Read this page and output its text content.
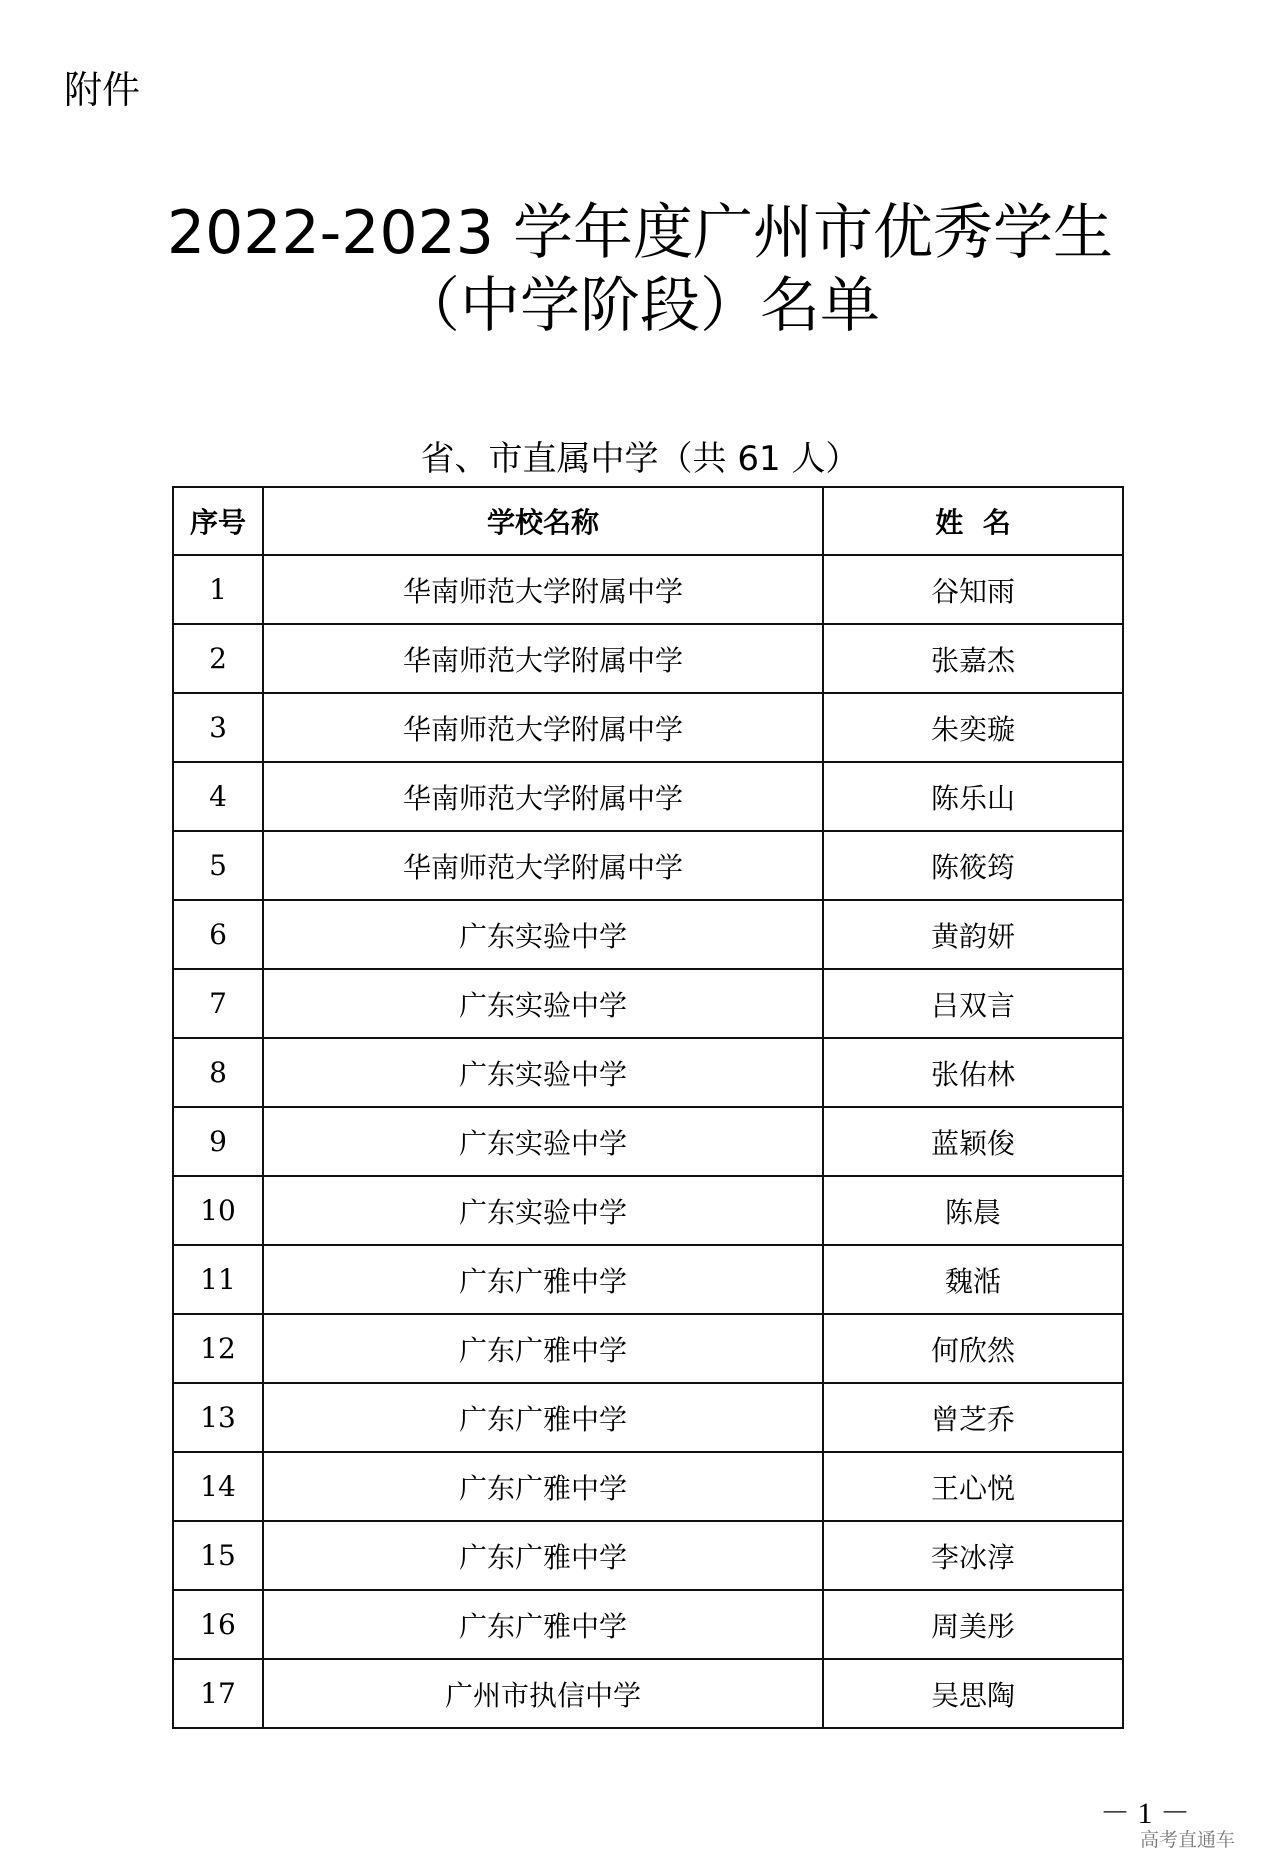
附件
2022-2023 学年度广州市优秀学生
（中学阶段）名单
省、市直属中学（共 61 人）
序号	学校名称	姓  名
1	华南师范大学附属中学	谷知雨
2	华南师范大学附属中学	张嘉杰
3	华南师范大学附属中学	朱奕璇
4	华南师范大学附属中学	陈乐山
5	华南师范大学附属中学	陈筱筠
6	广东实验中学	黄韵妍
7	广东实验中学	吕双言
8	广东实验中学	张佑林
9	广东实验中学	蓝颖俊
10	广东实验中学	陈晨
11	广东广雅中学	魏湉
12	广东广雅中学	何欣然
13	广东广雅中学	曾芝乔
14	广东广雅中学	王心悦
15	广东广雅中学	李冰淳
16	广东广雅中学	周美彤
17	广州市执信中学	吴思陶
－ 1 －
高考直通车
